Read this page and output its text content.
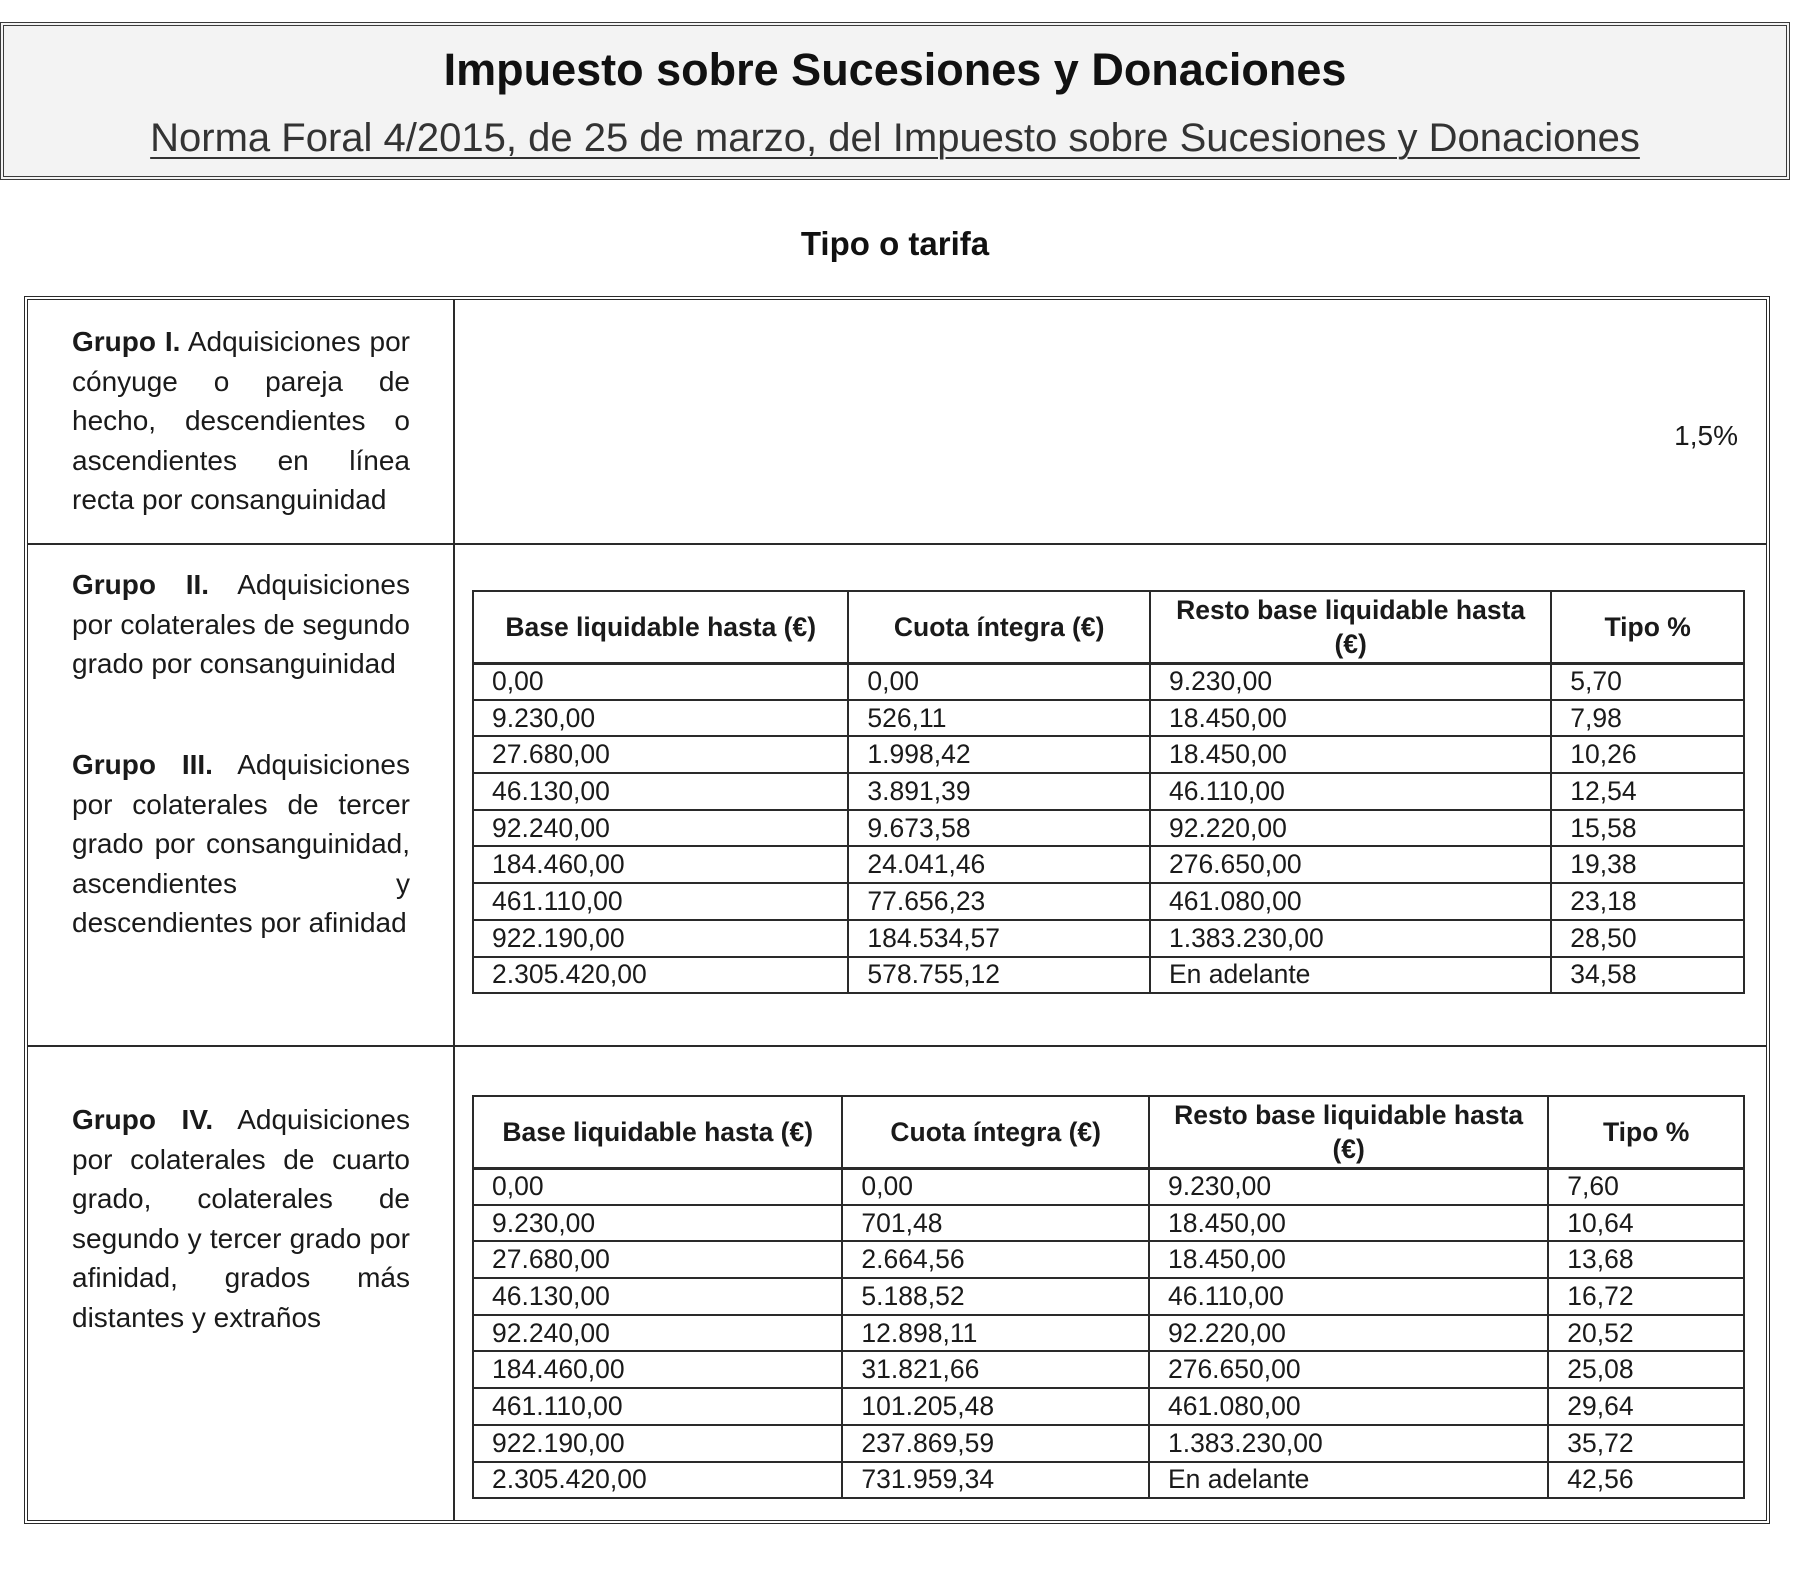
Impuesto sobre Sucesiones y Donaciones
Norma Foral 4/2015, de 25 de marzo, del Impuesto sobre Sucesiones y Donaciones
Tipo o tarifa
Grupo I. Adquisiciones por cónyuge o pareja de hecho, descendientes o ascendientes en línea recta por consanguinidad
1,5%
Grupo II. Adquisiciones por colaterales de segundo grado por consanguinidad
Grupo III. Adquisiciones por colaterales de tercer grado por consanguinidad, ascendientes y descendientes por afinidad
Base liquidable hasta (€)	Cuota íntegra (€)	Resto base liquidable hasta (€)	Tipo %
0,00	0,00	9.230,00	5,70
9.230,00	526,11	18.450,00	7,98
27.680,00	1.998,42	18.450,00	10,26
46.130,00	3.891,39	46.110,00	12,54
92.240,00	9.673,58	92.220,00	15,58
184.460,00	24.041,46	276.650,00	19,38
461.110,00	77.656,23	461.080,00	23,18
922.190,00	184.534,57	1.383.230,00	28,50
2.305.420,00	578.755,12	En adelante	34,58
Grupo IV. Adquisiciones por colaterales de cuarto grado, colaterales de segundo y tercer grado por afinidad, grados más distantes y extraños
Base liquidable hasta (€)	Cuota íntegra (€)	Resto base liquidable hasta (€)	Tipo %
0,00	0,00	9.230,00	7,60
9.230,00	701,48	18.450,00	10,64
27.680,00	2.664,56	18.450,00	13,68
46.130,00	5.188,52	46.110,00	16,72
92.240,00	12.898,11	92.220,00	20,52
184.460,00	31.821,66	276.650,00	25,08
461.110,00	101.205,48	461.080,00	29,64
922.190,00	237.869,59	1.383.230,00	35,72
2.305.420,00	731.959,34	En adelante	42,56
